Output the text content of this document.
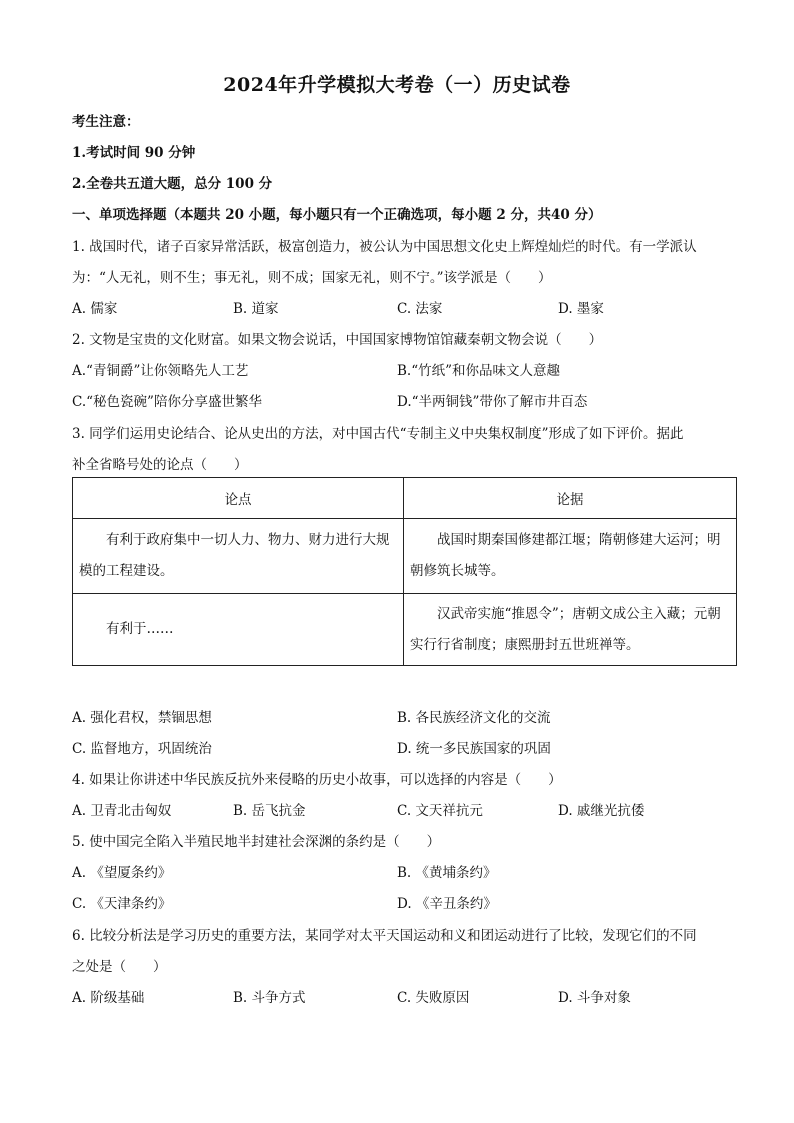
2024年升学模拟大考卷（一）历史试卷
考生注意：
1.考试时间 90 分钟
2.全卷共五道大题，总分 100 分
一、单项选择题（本题共 20 小题，每小题只有一个正确选项，每小题 2 分，共40 分）
1. 战国时代，诸子百家异常活跃，极富创造力，被公认为中国思想文化史上辉煌灿烂的时代。有一学派认
为：“人无礼，则不生；事无礼，则不成；国家无礼，则不宁。”该学派是（　　）
A. 儒家	B. 道家	C. 法家	D. 墨家
2. 文物是宝贵的文化财富。如果文物会说话，中国国家博物馆馆藏秦朝文物会说（　　）
A.“青铜爵”让你领略先人工艺	B.“竹纸”和你品味文人意趣
C.“秘色瓷碗”陪你分享盛世繁华	D.“半两铜钱”带你了解市井百态
3. 同学们运用史论结合、论从史出的方法，对中国古代“专制主义中央集权制度”形成了如下评价。据此
补全省略号处的论点（　　）
论点	论据

有利于政府集中一切人力、物力、财力进行大规模的工程建设。	战国时期秦国修建都江堰；隋朝修建大运河；明朝修筑长城等。

有利于……	汉武帝实施“推恩令”；唐朝文成公主入藏；元朝实行行省制度；康熙册封五世班禅等。
A. 强化君权，禁锢思想	B. 各民族经济文化的交流
C. 监督地方，巩固统治	D. 统一多民族国家的巩固
4. 如果让你讲述中华民族反抗外来侵略的历史小故事，可以选择的内容是（　　）
A. 卫青北击匈奴	B. 岳飞抗金	C. 文天祥抗元	D. 戚继光抗倭
5. 使中国完全陷入半殖民地半封建社会深渊的条约是（　　）
A. 《望厦条约》	B. 《黄埔条约》
C. 《天津条约》	D. 《辛丑条约》
6. 比较分析法是学习历史的重要方法，某同学对太平天国运动和义和团运动进行了比较，发现它们的不同
之处是（　　）
A. 阶级基础	B. 斗争方式	C. 失败原因	D. 斗争对象
